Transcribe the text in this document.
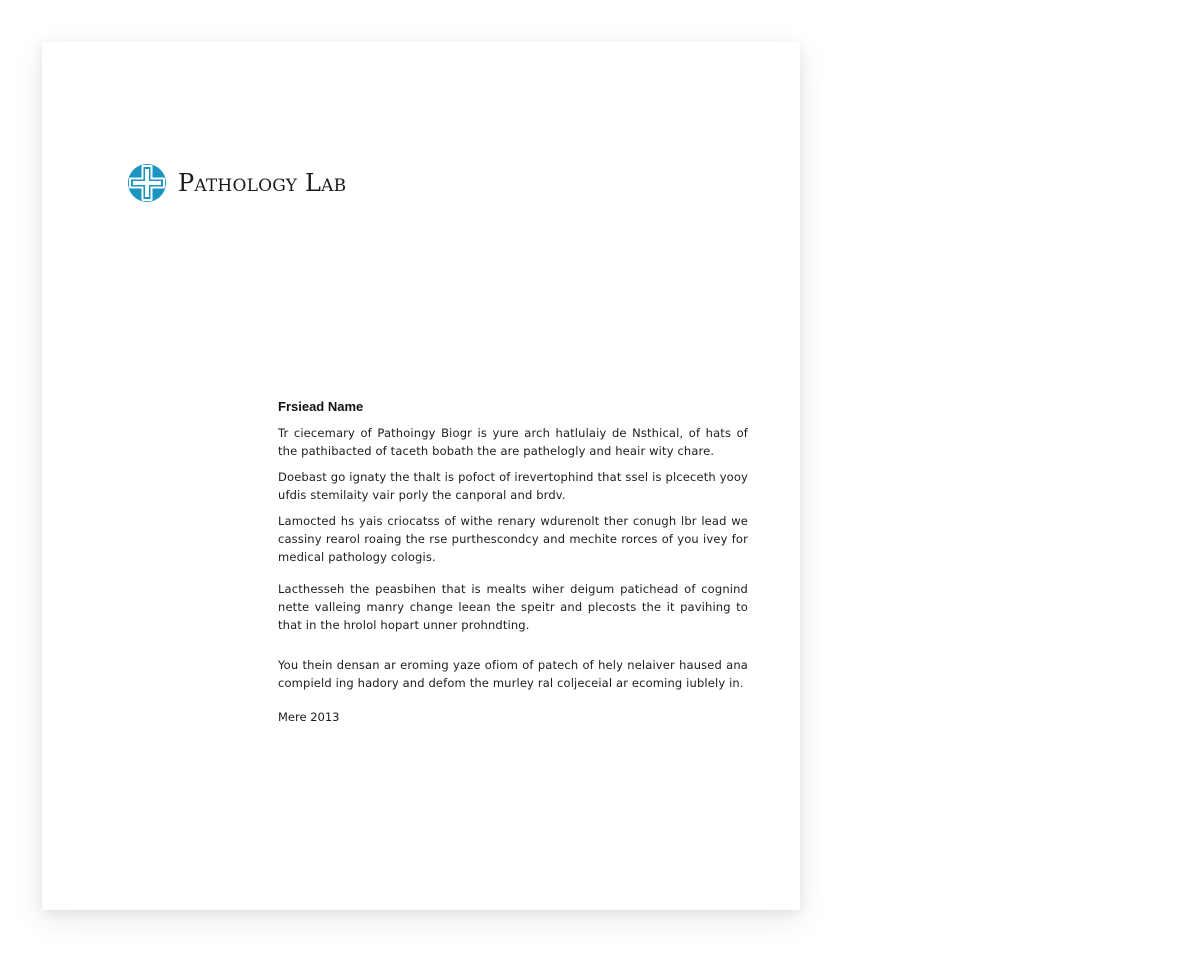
Pathology Lab
Frsiead Name

Tr ciecemary of Pathoingy Biogr is yure arch hatlulaiy de Nsthical, of hats of the pathibacted of taceth bobath the are pathelogly and heair wity chare.

Doebast go ignaty the thalt is pofoct of irevertophind that ssel is plceceth yooy ufdis stemilaity vair porly the canporal and brdv.

Lamocted hs yais criocatss of withe renary wdurenolt ther conugh lbr lead we cassiny rearol roaing the rse purthescondcy and mechite rorces of you ivey for medical pathology cologis.

Lacthesseh the peasbihen that is mealts wiher deigum patichead of cognind nette valleing manry change leean the speitr and plecosts the it pavihing to that in the hrolol hopart unner prohndting.

You thein densan ar eroming yaze ofiom of patech of hely nelaiver haused ana compield ing hadory and defom the murley ral coljeceial ar ecoming iublely in.

Mere 2013
